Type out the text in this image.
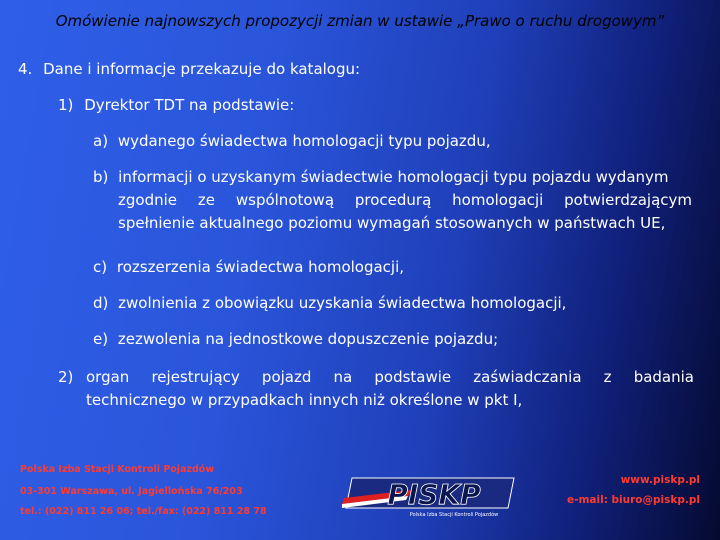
Omówienie najnowszych propozycji zmian w ustawie „Prawo o ruchu drogowym”
4. Dane i informacje przekazuje do katalogu:
1) Dyrektor TDT na podstawie:
a) wydanego świadectwa homologacji typu pojazdu,
b) informacji o uzyskanym świadectwie homologacji typu pojazdu wydanym
zgodnie ze wspólnotową procedurą homologacji potwierdzającym
spełnienie aktualnego poziomu wymagań stosowanych w państwach UE,
c) rozszerzenia świadectwa homologacji,
d) zwolnienia z obowiązku uzyskania świadectwa homologacji,
e) zezwolenia na jednostkowe dopuszczenie pojazdu;
2) organ rejestrujący pojazd na podstawie zaświadczania z badania
technicznego w przypadkach innych niż określone w pkt I,
Polska Izba Stacji Kontroli Pojazdów
03-301 Warszawa, ul. Jagiellońska 76/203
tel.: (022) 811 26 06; tel./fax: (022) 811 28 78
PISKP
Polska Izba Stacji Kontroli Pojazdów
www.piskp.pl
e-mail: biuro@piskp.pl
